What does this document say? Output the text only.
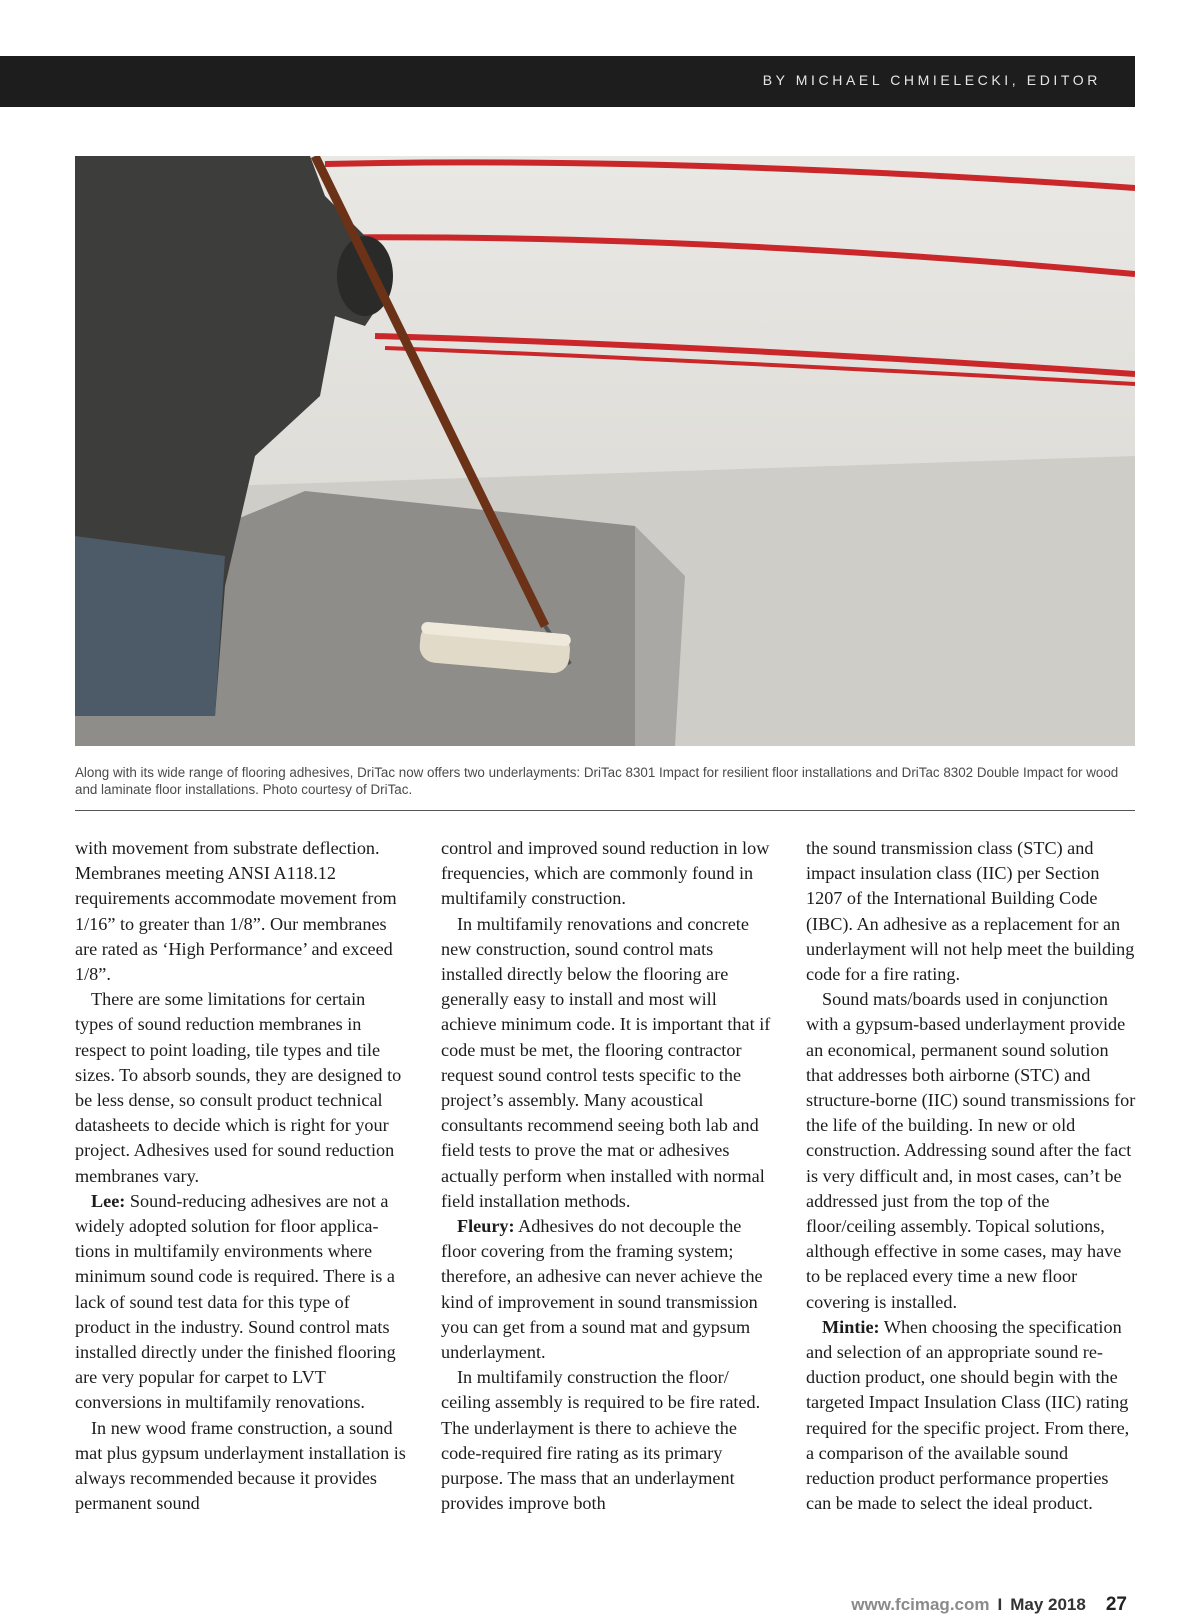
BY MICHAEL CHMIELECKI, EDITOR
Along with its wide range of flooring adhesives, DriTac now offers two underlayments: DriTac 8301 Impact for resilient floor installations and DriTac 8302 Double Impact for wood and laminate floor installations. Photo courtesy of DriTac.

with movement from substrate deflection. Membranes meeting ANSI A118.12 requirements accommodate movement from 1/16” to greater than 1/8”. Our membranes are rated as ‘High Performance’ and exceed 1/8”.

There are some limitations for certain types of sound reduction membranes in respect to point loading, tile types and tile sizes. To absorb sounds, they are designed to be less dense, so consult product technical datasheets to decide which is right for your project. Adhesives used for sound reduction membranes vary.

Lee: Sound-reducing adhesives are not a widely adopted solution for floor applications in multifamily environments where minimum sound code is required. There is a lack of sound test data for this type of product in the industry. Sound control mats installed directly under the finished flooring are very popular for carpet to LVT conversions in multifamily renovations.

In new wood frame construction, a sound mat plus gypsum underlayment installation is always recommended because it provides permanent sound

control and improved sound reduction in low frequencies, which are commonly found in multifamily construction.

In multifamily renovations and concrete new construction, sound control mats installed directly below the flooring are generally easy to install and most will achieve minimum code. It is important that if code must be met, the flooring contractor request sound control tests specific to the project’s assembly. Many acoustical consultants recommend seeing both lab and field tests to prove the mat or adhesives actually perform when installed with normal field installation methods.

Fleury: Adhesives do not decouple the floor covering from the framing system; therefore, an adhesive can never achieve the kind of improvement in sound transmission you can get from a sound mat and gypsum underlayment.

In multifamily construction the floor/ ceiling assembly is required to be fire rated. The underlayment is there to achieve the code-required fire rating as its primary purpose. The mass that an underlayment provides improve both

the sound transmission class (STC) and impact insulation class (IIC) per Section 1207 of the International Building Code (IBC). An adhesive as a replacement for an underlayment will not help meet the building code for a fire rating.

Sound mats/boards used in conjunction with a gypsum-based underlayment provide an economical, permanent sound solution that addresses both airborne (STC) and structure-borne (IIC) sound transmissions for the life of the building. In new or old construction. Addressing sound after the fact is very difficult and, in most cases, can’t be addressed just from the top of the floor/ceiling assembly. Topical solutions, although effective in some cases, may have to be replaced every time a new floor covering is installed.

Mintie: When choosing the specification and selection of an appropriate sound reduction product, one should begin with the targeted Impact Insulation Class (IIC) rating required for the specific project. From there, a comparison of the available sound reduction product performance properties can be made to select the ideal product.

www.fcimag.com I May 2018 27
